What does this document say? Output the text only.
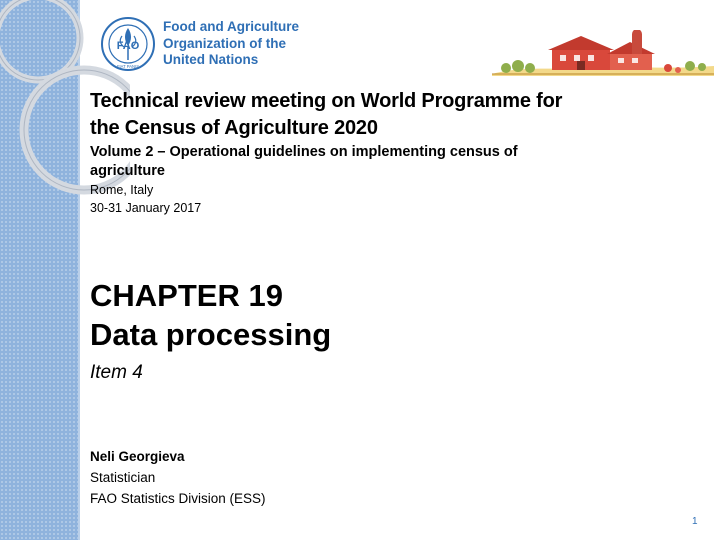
FAO
FIAT PANIS
Food and Agriculture
Organization of the
United Nations

Technical review meeting on World Programme for
the Census of Agriculture 2020

Volume 2 – Operational guidelines on implementing census of
agriculture

Rome, Italy
30-31 January 2017
CHAPTER 19
Data processing
Item 4
Neli Georgieva
Statistician
FAO Statistics Division (ESS)
1
